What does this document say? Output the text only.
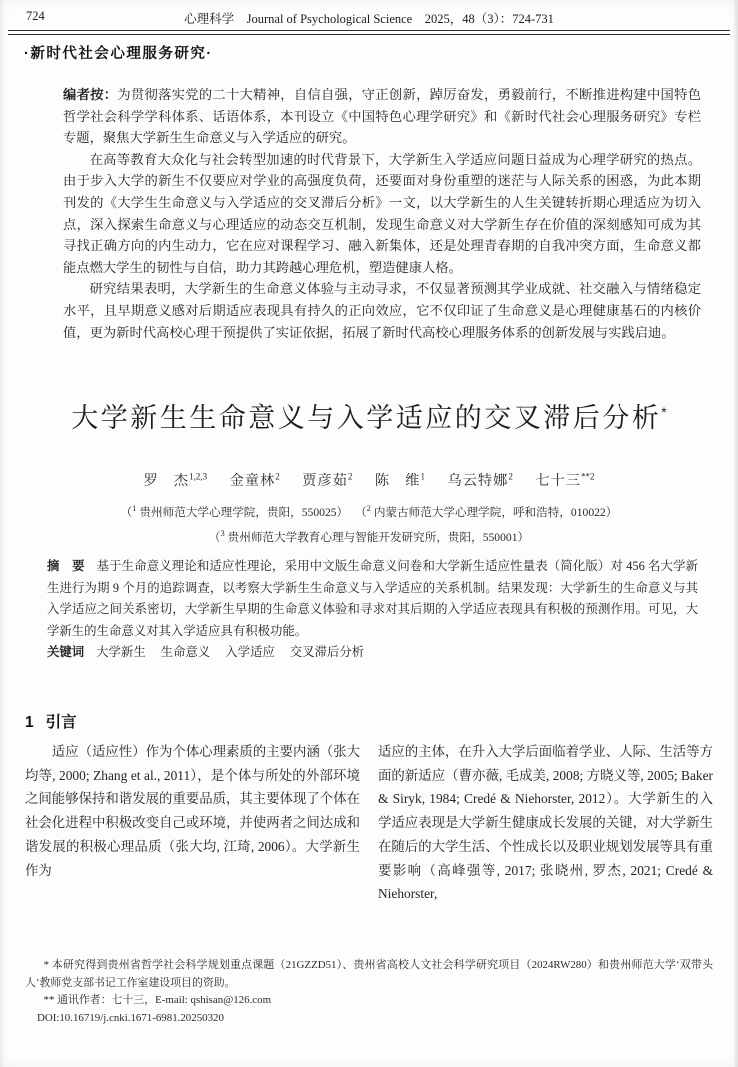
724	心理科学　Journal of Psychological Science　2025，48（3）：724-731
·新时代社会心理服务研究·

编者按：为贯彻落实党的二十大精神，自信自强，守正创新，踔厉奋发，勇毅前行，不断推进构建中国特色哲学社会科学学科体系、话语体系，本刊设立《中国特色心理学研究》和《新时代社会心理服务研究》专栏专题，聚焦大学新生生命意义与入学适应的研究。

在高等教育大众化与社会转型加速的时代背景下，大学新生入学适应问题日益成为心理学研究的热点。由于步入大学的新生不仅要应对学业的高强度负荷，还要面对身份重塑的迷茫与人际关系的困惑，为此本期刊发的《大学生生命意义与入学适应的交叉滞后分析》一文，以大学新生的人生关键转折期心理适应为切入点，深入探索生命意义与心理适应的动态交互机制，发现生命意义对大学新生存在价值的深刻感知可成为其寻找正确方向的内生动力，它在应对课程学习、融入新集体，还是处理青春期的自我冲突方面，生命意义都能点燃大学生的韧性与自信，助力其跨越心理危机，塑造健康人格。

研究结果表明，大学新生的生命意义体验与主动寻求，不仅显著预测其学业成就、社交融入与情绪稳定水平，且早期意义感对后期适应表现具有持久的正向效应，它不仅印证了生命意义是心理健康基石的内核价值，更为新时代高校心理干预提供了实证依据，拓展了新时代高校心理服务体系的创新发展与实践启迪。

大学新生生命意义与入学适应的交叉滞后分析*
罗　杰$^{1,2,3}$ 金童林$^2$ 贾彦茹$^2$ 陈　维$^1$ 乌云特娜$^2$ 七十三$^{**2}$
（$^1$ 贵州师范大学心理学院，贵阳，550025） （$^2$ 内蒙古师范大学心理学院，呼和浩特，010022）
（$^3$ 贵州师范大学教育心理与智能开发研究所，贵阳，550001）

摘　要 基于生命意义理论和适应性理论，采用中文版生命意义问卷和大学新生适应性量表（简化版）对 456 名大学新生进行为期 9 个月的追踪调查，以考察大学新生生命意义与入学适应的关系机制。结果发现：大学新生的生命意义与其入学适应之间关系密切，大学新生早期的生命意义体验和寻求对其后期的入学适应表现具有积极的预测作用。可见，大学新生的生命意义对其入学适应具有积极功能。

关键词 大学新生 生命意义 入学适应 交叉滞后分析

1 引言

适应（适应性）作为个体心理素质的主要内涵（张大均等, 2000; Zhang et al., 2011），是个体与所处的外部环境之间能够保持和谐发展的重要品质，其主要体现了个体在社会化进程中积极改变自己或环境，并使两者之间达成和谐发展的积极心理品质（张大均, 江琦, 2006）。大学新生作为

适应的主体，在升入大学后面临着学业、人际、生活等方面的新适应（曹亦薇, 毛成美, 2008; 方晓义等, 2005; Baker & Siryk, 1984; Credé & Niehorster, 2012）。大学新生的入学适应表现是大学新生健康成长发展的关键，对大学新生在随后的大学生活、个性成长以及职业规划发展等具有重要影响（高峰强等, 2017; 张晓州, 罗杰, 2021; Credé & Niehorster,

* 本研究得到贵州省哲学社会科学规划重点课题（21GZZD51）、贵州省高校人文社会科学研究项目（2024RW280）和贵州师范大学‘双带头人’教师党支部书记工作室建设项目的资助。

** 通讯作者：七十三，E-mail: qshisan@126.com

DOI:10.16719/j.cnki.1671-6981.20250320
